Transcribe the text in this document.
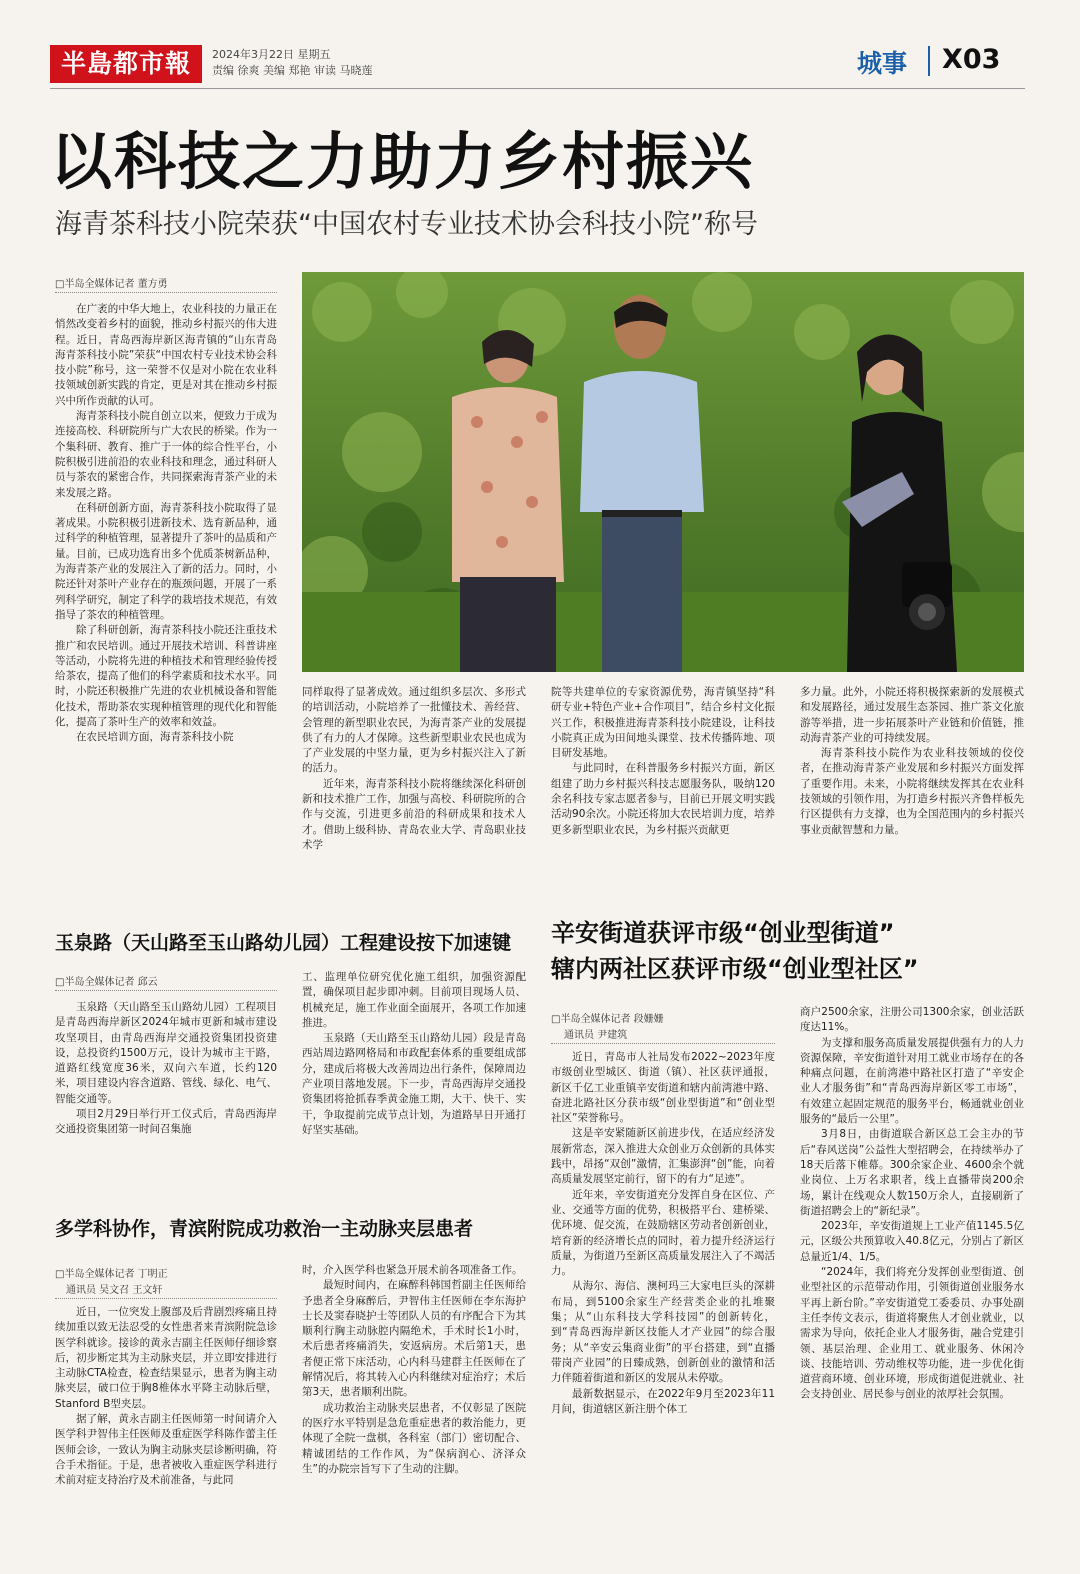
半島都市報	2024年3月22日 星期五
责编 徐爽 美编 郑艳 审读 马晓莲	城事 X03
以科技之力助力乡村振兴
海青茶科技小院荣获“中国农村专业技术协会科技小院”称号
□半岛全媒体记者 董方勇

在广袤的中华大地上，农业科技的力量正在悄然改变着乡村的面貌，推动乡村振兴的伟大进程。近日，青岛西海岸新区海青镇的“山东青岛海青茶科技小院”荣获“中国农村专业技术协会科技小院”称号，这一荣誉不仅是对小院在农业科技领域创新实践的肯定，更是对其在推动乡村振兴中所作贡献的认可。

海青茶科技小院自创立以来，便致力于成为连接高校、科研院所与广大农民的桥梁。作为一个集科研、教育、推广于一体的综合性平台，小院积极引进前沿的农业科技和理念，通过科研人员与茶农的紧密合作，共同探索海青茶产业的未来发展之路。

在科研创新方面，海青茶科技小院取得了显著成果。小院积极引进新技术、选育新品种，通过科学的种植管理，显著提升了茶叶的品质和产量。目前，已成功选育出多个优质茶树新品种，为海青茶产业的发展注入了新的活力。同时，小院还针对茶叶产业存在的瓶颈问题，开展了一系列科学研究，制定了科学的栽培技术规范，有效指导了茶农的种植管理。

除了科研创新，海青茶科技小院还注重技术推广和农民培训。通过开展技术培训、科普讲座等活动，小院将先进的种植技术和管理经验传授给茶农，提高了他们的科学素质和技术水平。同时，小院还积极推广先进的农业机械设备和智能化技术，帮助茶农实现种植管理的现代化和智能化，提高了茶叶生产的效率和效益。

在农民培训方面，海青茶科技小院

同样取得了显著成效。通过组织多层次、多形式的培训活动，小院培养了一批懂技术、善经营、会管理的新型职业农民，为海青茶产业的发展提供了有力的人才保障。这些新型职业农民也成为了产业发展的中坚力量，更为乡村振兴注入了新的活力。

近年来，海青茶科技小院将继续深化科研创新和技术推广工作，加强与高校、科研院所的合作与交流，引进更多前沿的科研成果和技术人才。借助上级科协、青岛农业大学、青岛职业技术学

院等共建单位的专家资源优势，海青镇坚持“科研专业+特色产业+合作项目”，结合乡村文化振兴工作，积极推进海青茶科技小院建设，让科技小院真正成为田间地头课堂、技术传播阵地、项目研发基地。

与此同时，在科普服务乡村振兴方面，新区组建了助力乡村振兴科技志愿服务队，吸纳120余名科技专家志愿者参与，目前已开展文明实践活动90余次。小院还将加大农民培训力度，培养更多新型职业农民，为乡村振兴贡献更

多力量。此外，小院还将积极探索新的发展模式和发展路径，通过发展生态茶园、推广茶文化旅游等举措，进一步拓展茶叶产业链和价值链，推动海青茶产业的可持续发展。

海青茶科技小院作为农业科技领域的佼佼者，在推动海青茶产业发展和乡村振兴方面发挥了重要作用。未来，小院将继续发挥其在农业科技领域的引领作用，为打造乡村振兴齐鲁样板先行区提供有力支撑，也为全国范围内的乡村振兴事业贡献智慧和力量。

玉泉路（天山路至玉山路幼儿园）工程建设按下加速键
□半岛全媒体记者 邱云

玉泉路（天山路至玉山路幼儿园）工程项目是青岛西海岸新区2024年城市更新和城市建设攻坚项目，由青岛西海岸交通投资集团投资建设，总投资约1500万元，设计为城市主干路，道路红线宽度36米，双向六车道，长约120米，项目建设内容含道路、管线、绿化、电气、智能交通等。

项目2月29日举行开工仪式后，青岛西海岸交通投资集团第一时间召集施

工、监理单位研究优化施工组织，加强资源配置，确保项目起步即冲刺。目前项目现场人员、机械充足，施工作业面全面展开，各项工作加速推进。

玉泉路（天山路至玉山路幼儿园）段是青岛西站周边路网格局和市政配套体系的重要组成部分，建成后将极大改善周边出行条件，保障周边产业项目落地发展。下一步，青岛西海岸交通投资集团将抢抓春季黄金施工期，大干、快干、实干，争取提前完成节点计划，为道路早日开通打好坚实基础。

多学科协作，青滨附院成功救治一主动脉夹层患者
□半岛全媒体记者 丁明正
通讯员 吴文召 王文轩

近日，一位突发上腹部及后背剧烈疼痛且持续加重以致无法忍受的女性患者来青滨附院急诊医学科就诊。接诊的黄永吉副主任医师仔细诊察后，初步断定其为主动脉夹层，并立即安排进行主动脉CTA检查，检查结果显示，患者为胸主动脉夹层，破口位于胸8椎体水平降主动脉后壁，Stanford B型夹层。

据了解，黄永吉副主任医师第一时间请介入医学科尹智伟主任医师及重症医学科陈作蕾主任医师会诊，一致认为胸主动脉夹层诊断明确，符合手术指征。于是，患者被收入重症医学科进行术前对症支持治疗及术前准备，与此同

时，介入医学科也紧急开展术前各项准备工作。

最短时间内，在麻醉科韩国哲副主任医师给予患者全身麻醉后，尹智伟主任医师在李东海护士长及窦春晓护士等团队人员的有序配合下为其顺利行胸主动脉腔内隔绝术，手术时长1小时，术后患者疼痛消失，安返病房。术后第1天，患者便正常下床活动，心内科马建群主任医师在了解情况后，将其转入心内科继续对症治疗；术后第3天，患者顺利出院。

成功救治主动脉夹层患者，不仅彰显了医院的医疗水平特别是急危重症患者的救治能力，更体现了全院一盘棋，各科室（部门）密切配合、精诚团结的工作作风，为“保病润心、济泽众生”的办院宗旨写下了生动的注脚。

辛安街道获评市级“创业型街道”
辖内两社区获评市级“创业型社区”
□半岛全媒体记者 段姗姗
通讯员 尹建筑

近日，青岛市人社局发布2022~2023年度市级创业型城区、街道（镇）、社区获评通报，新区千亿工业重镇辛安街道和辖内前湾港中路、奋进北路社区分获市级“创业型街道”和“创业型社区”荣誉称号。

这是辛安紧随新区前进步伐，在适应经济发展新常态，深入推进大众创业万众创新的具体实践中，昂扬“双创”激情，汇集澎湃“创”能，向着高质量发展坚定前行，留下的有力“足迹”。

近年来，辛安街道充分发挥自身在区位、产业、交通等方面的优势，积极搭平台、建桥梁、优环境、促交流，在鼓励辖区劳动者创新创业，培育新的经济增长点的同时，着力提升经济运行质量，为街道乃至新区高质量发展注入了不竭活力。

从海尔、海信、澳柯玛三大家电巨头的深耕布局，到5100余家生产经营类企业的扎堆聚集；从“山东科技大学科技园”的创新转化，到“青岛西海岸新区技能人才产业园”的综合服务；从“辛安云集商业街”的平台搭建，到“直播带岗产业园”的日臻成熟，创新创业的激情和活力伴随着街道和新区的发展从未停歇。

最新数据显示，在2022年9月至2023年11月间，街道辖区新注册个体工

商户2500余家，注册公司1300余家，创业活跃度达11%。

为支撑和服务高质量发展提供强有力的人力资源保障，辛安街道针对用工就业市场存在的各种痛点问题，在前湾港中路社区打造了“辛安企业人才服务街”和“青岛西海岸新区零工市场”，有效建立起固定规范的服务平台，畅通就业创业服务的“最后一公里”。

3月8日，由街道联合新区总工会主办的节后“春风送岗”公益性大型招聘会，在持续举办了18天后落下帷幕。300余家企业、4600余个就业岗位、上万名求职者，线上直播带岗200余场，累计在线观众人数150万余人，直接刷新了街道招聘会上的“新纪录”。

2023年，辛安街道规上工业产值1145.5亿元，区级公共预算收入40.8亿元，分别占了新区总量近1/4、1/5。

“2024年，我们将充分发挥创业型街道、创业型社区的示范带动作用，引领街道创业服务水平再上新台阶。”辛安街道党工委委员、办事处副主任李传文表示，街道将聚焦人才创业就业，以需求为导向，依托企业人才服务街，融合党建引领、基层治理、企业用工、就业服务、休闲冷谈、技能培训、劳动维权等功能，进一步优化街道营商环境、创业环境，形成街道促进就业、社会支持创业、居民参与创业的浓厚社会氛围。
